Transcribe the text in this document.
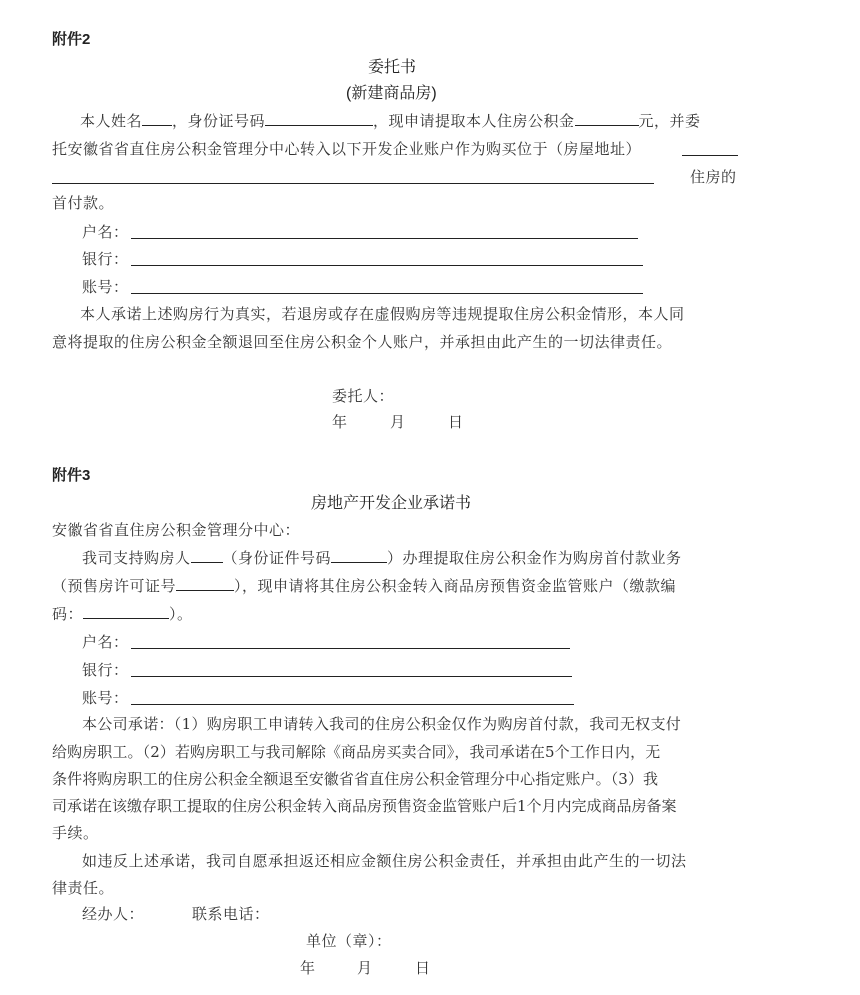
附件2
委托书
(新建商品房)
本人姓名 ，身份证号码	，现申请提取本人住房公积金	元，并委
托安徽省省直住房公积金管理分中心转入以下开发企业账户作为购买位于（房屋地址）
住房的
首付款。
户名：
银行：
账号：
本人承诺上述购房行为真实，若退房或存在虚假购房等违规提取住房公积金情形，本人同
意将提取的住房公积金全额退回至住房公积金个人账户，并承担由此产生的一切法律责任。
委托人：
年	月	日
附件3
房地产开发企业承诺书
安徽省省直住房公积金管理分中心：
我司支持购房人 （身份证件号码	）办理提取住房公积金作为购房首付款业务
（预售房许可证号	），现申请将其住房公积金转入商品房预售资金监管账户（缴款编
码：	）。
户名：
银行：
账号：
本公司承诺：（1）购房职工申请转入我司的住房公积金仅作为购房首付款，我司无权支付
给购房职工。（2）若购房职工与我司解除《商品房买卖合同》，我司承诺在5个工作日内，无
条件将购房职工的住房公积金全额退至安徽省省直住房公积金管理分中心指定账户。（3）我
司承诺在该缴存职工提取的住房公积金转入商品房预售资金监管账户后1个月内完成商品房备案
手续。
如违反上述承诺，我司自愿承担返还相应金额住房公积金责任，并承担由此产生的一切法
律责任。
经办人：	联系电话：
单位（章）：
年	月	日
